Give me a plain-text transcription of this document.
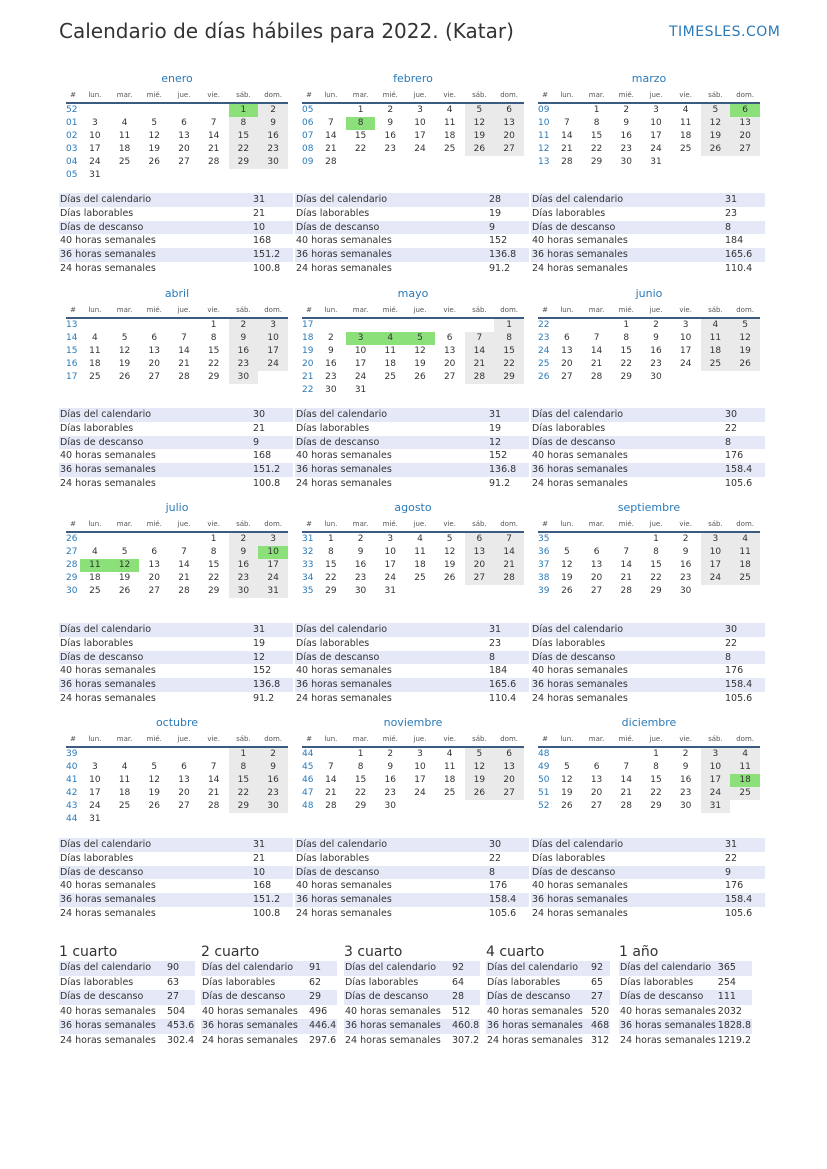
Calendario de días hábiles para 2022. (Katar)	TIMESLES.COM
enero
#	lun.	mar.	mié.	jue.	vie.	sáb.	dom.
52						1	2
01	3	4	5	6	7	8	9
02	10	11	12	13	14	15	16
03	17	18	19	20	21	22	23
04	24	25	26	27	28	29	30
05	31						
Días del calendario	31
Días laborables	21
Días de descanso	10
40 horas semanales	168
36 horas semanales	151.2
24 horas semanales	100.8
febrero
#	lun.	mar.	mié.	jue.	vie.	sáb.	dom.
05		1	2	3	4	5	6
06	7	8	9	10	11	12	13
07	14	15	16	17	18	19	20
08	21	22	23	24	25	26	27
09	28						
Días del calendario	28
Días laborables	19
Días de descanso	9
40 horas semanales	152
36 horas semanales	136.8
24 horas semanales	91.2
marzo
#	lun.	mar.	mié.	jue.	vie.	sáb.	dom.
09		1	2	3	4	5	6
10	7	8	9	10	11	12	13
11	14	15	16	17	18	19	20
12	21	22	23	24	25	26	27
13	28	29	30	31			
Días del calendario	31
Días laborables	23
Días de descanso	8
40 horas semanales	184
36 horas semanales	165.6
24 horas semanales	110.4
abril
#	lun.	mar.	mié.	jue.	vie.	sáb.	dom.
13					1	2	3
14	4	5	6	7	8	9	10
15	11	12	13	14	15	16	17
16	18	19	20	21	22	23	24
17	25	26	27	28	29	30	
Días del calendario	30
Días laborables	21
Días de descanso	9
40 horas semanales	168
36 horas semanales	151.2
24 horas semanales	100.8
mayo
#	lun.	mar.	mié.	jue.	vie.	sáb.	dom.
17							1
18	2	3	4	5	6	7	8
19	9	10	11	12	13	14	15
20	16	17	18	19	20	21	22
21	23	24	25	26	27	28	29
22	30	31					
Días del calendario	31
Días laborables	19
Días de descanso	12
40 horas semanales	152
36 horas semanales	136.8
24 horas semanales	91.2
junio
#	lun.	mar.	mié.	jue.	vie.	sáb.	dom.
22			1	2	3	4	5
23	6	7	8	9	10	11	12
24	13	14	15	16	17	18	19
25	20	21	22	23	24	25	26
26	27	28	29	30			
Días del calendario	30
Días laborables	22
Días de descanso	8
40 horas semanales	176
36 horas semanales	158.4
24 horas semanales	105.6
julio
#	lun.	mar.	mié.	jue.	vie.	sáb.	dom.
26					1	2	3
27	4	5	6	7	8	9	10
28	11	12	13	14	15	16	17
29	18	19	20	21	22	23	24
30	25	26	27	28	29	30	31
Días del calendario	31
Días laborables	19
Días de descanso	12
40 horas semanales	152
36 horas semanales	136.8
24 horas semanales	91.2
agosto
#	lun.	mar.	mié.	jue.	vie.	sáb.	dom.
31	1	2	3	4	5	6	7
32	8	9	10	11	12	13	14
33	15	16	17	18	19	20	21
34	22	23	24	25	26	27	28
35	29	30	31				
Días del calendario	31
Días laborables	23
Días de descanso	8
40 horas semanales	184
36 horas semanales	165.6
24 horas semanales	110.4
septiembre
#	lun.	mar.	mié.	jue.	vie.	sáb.	dom.
35				1	2	3	4
36	5	6	7	8	9	10	11
37	12	13	14	15	16	17	18
38	19	20	21	22	23	24	25
39	26	27	28	29	30		
Días del calendario	30
Días laborables	22
Días de descanso	8
40 horas semanales	176
36 horas semanales	158.4
24 horas semanales	105.6
octubre
#	lun.	mar.	mié.	jue.	vie.	sáb.	dom.
39						1	2
40	3	4	5	6	7	8	9
41	10	11	12	13	14	15	16
42	17	18	19	20	21	22	23
43	24	25	26	27	28	29	30
44	31						
Días del calendario	31
Días laborables	21
Días de descanso	10
40 horas semanales	168
36 horas semanales	151.2
24 horas semanales	100.8
noviembre
#	lun.	mar.	mié.	jue.	vie.	sáb.	dom.
44		1	2	3	4	5	6
45	7	8	9	10	11	12	13
46	14	15	16	17	18	19	20
47	21	22	23	24	25	26	27
48	28	29	30				
Días del calendario	30
Días laborables	22
Días de descanso	8
40 horas semanales	176
36 horas semanales	158.4
24 horas semanales	105.6
diciembre
#	lun.	mar.	mié.	jue.	vie.	sáb.	dom.
48				1	2	3	4
49	5	6	7	8	9	10	11
50	12	13	14	15	16	17	18
51	19	20	21	22	23	24	25
52	26	27	28	29	30	31	
Días del calendario	31
Días laborables	22
Días de descanso	9
40 horas semanales	176
36 horas semanales	158.4
24 horas semanales	105.6
1 cuarto
Días del calendario	90
Días laborables	63
Días de descanso	27
40 horas semanales	504
36 horas semanales	453.6
24 horas semanales	302.4
2 cuarto
Días del calendario	91
Días laborables	62
Días de descanso	29
40 horas semanales	496
36 horas semanales	446.4
24 horas semanales	297.6
3 cuarto
Días del calendario	92
Días laborables	64
Días de descanso	28
40 horas semanales	512
36 horas semanales	460.8
24 horas semanales	307.2
4 cuarto
Días del calendario	92
Días laborables	65
Días de descanso	27
40 horas semanales	520
36 horas semanales	468
24 horas semanales	312
1 año
Días del calendario	365
Días laborables	254
Días de descanso	111
40 horas semanales	2032
36 horas semanales	1828.8
24 horas semanales	1219.2
